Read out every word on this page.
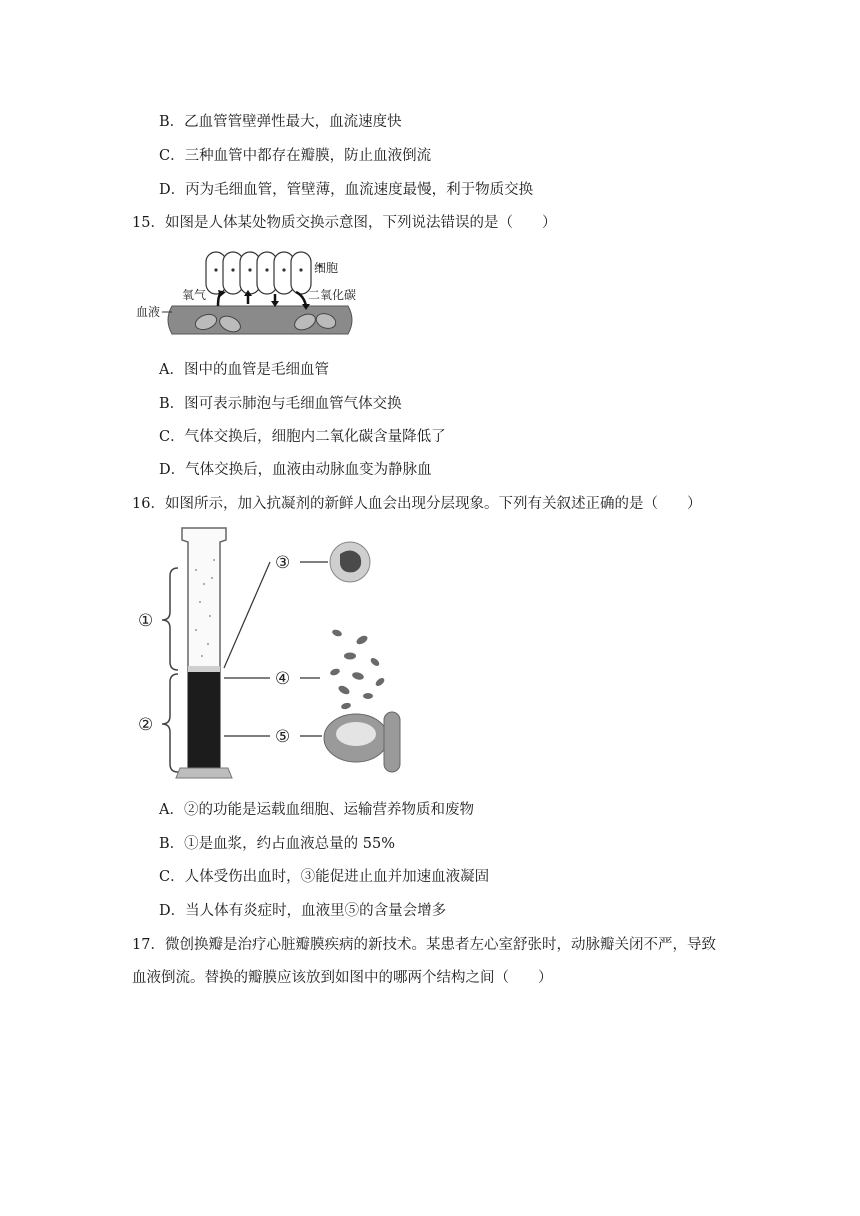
B．乙血管管壁弹性最大，血流速度快
C．三种血管中都存在瓣膜，防止血液倒流
D．丙为毛细血管，管壁薄，血流速度最慢，利于物质交换
15．如图是人体某处物质交换示意图，下列说法错误的是（　　）
细胞
血液
氧气	二氧化碳
A．图中的血管是毛细血管
B．图可表示肺泡与毛细血管气体交换
C．气体交换后，细胞内二氧化碳含量降低了
D．气体交换后，血液由动脉血变为静脉血
16．如图所示，加入抗凝剂的新鲜人血会出现分层现象。下列有关叙述正确的是（　　）
①
②
③
④
⑤
A．②的功能是运载血细胞、运输营养物质和废物
B．①是血浆，约占血液总量的 55%
C．人体受伤出血时，③能促进止血并加速血液凝固
D．当人体有炎症时，血液里⑤的含量会增多
17．微创换瓣是治疗心脏瓣膜疾病的新技术。某患者左心室舒张时，动脉瓣关闭不严，导致
血液倒流。替换的瓣膜应该放到如图中的哪两个结构之间（　　）
